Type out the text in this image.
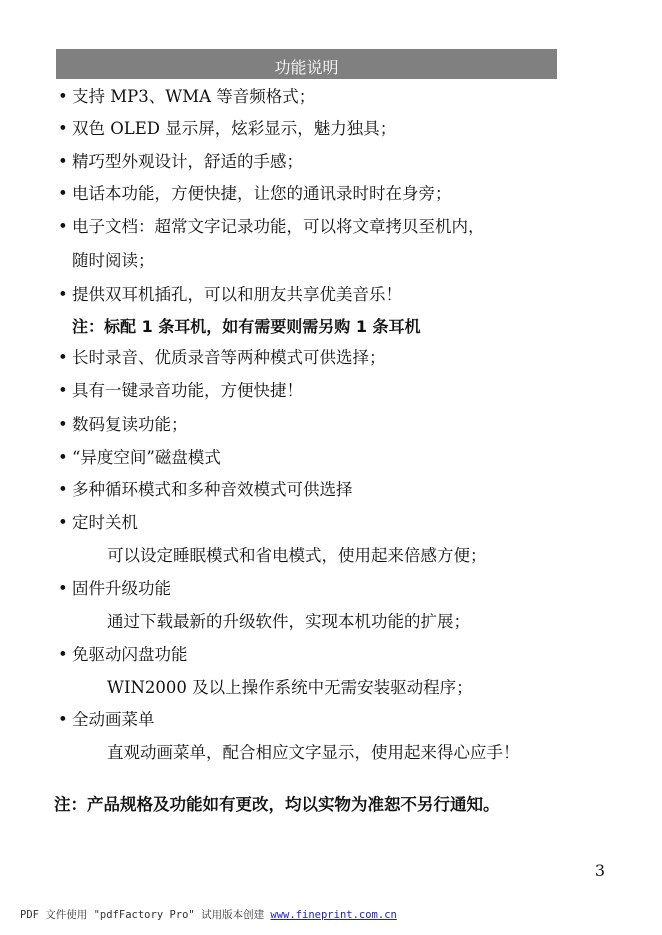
功能说明
• 支持 MP3、WMA 等音频格式；
• 双色 OLED 显示屏，炫彩显示，魅力独具；
• 精巧型外观设计，舒适的手感；
• 电话本功能，方便快捷，让您的通讯录时时在身旁；
• 电子文档：超常文字记录功能，可以将文章拷贝至机内，
随时阅读；
• 提供双耳机插孔，可以和朋友共享优美音乐！
注：标配 1 条耳机，如有需要则需另购 1 条耳机
• 长时录音、优质录音等两种模式可供选择；
• 具有一键录音功能，方便快捷！
• 数码复读功能；
• “异度空间”磁盘模式
• 多种循环模式和多种音效模式可供选择
• 定时关机
可以设定睡眠模式和省电模式，使用起来倍感方便；
• 固件升级功能
通过下载最新的升级软件，实现本机功能的扩展；
• 免驱动闪盘功能
WIN2000 及以上操作系统中无需安装驱动程序；
• 全动画菜单
直观动画菜单，配合相应文字显示，使用起来得心应手！
注：产品规格及功能如有更改，均以实物为准恕不另行通知。
3
PDF 文件使用 "pdfFactory Pro" 试用版本创建 www.fineprint.com.cn
